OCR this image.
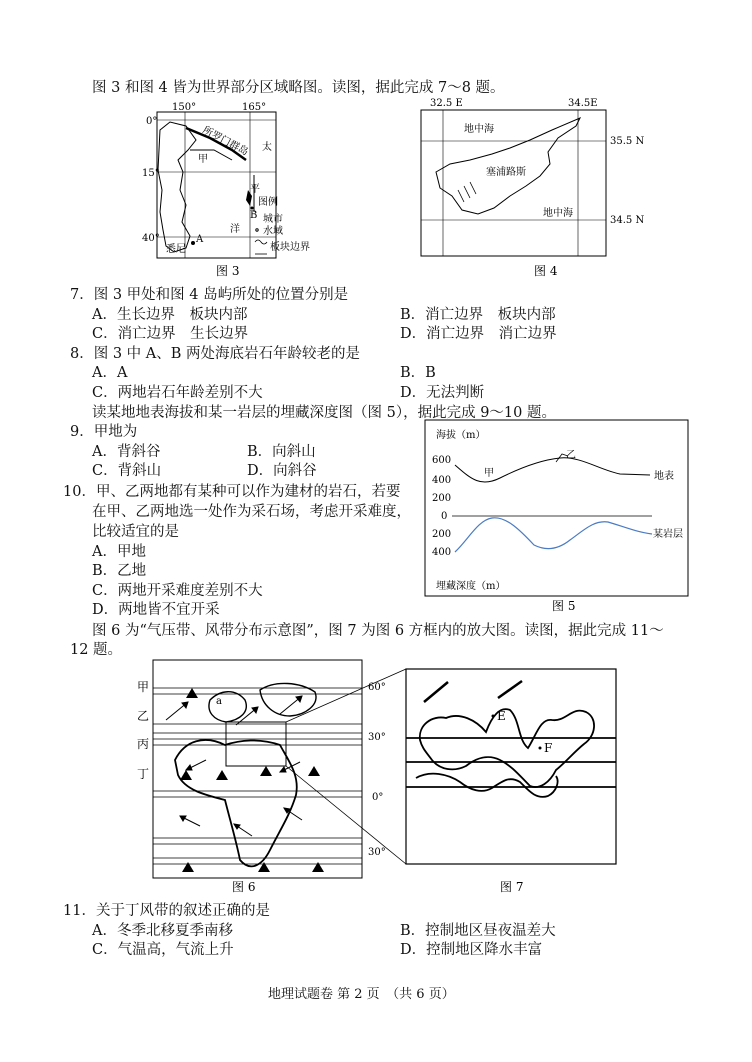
图 3 和图 4 皆为世界部分区域略图。读图，据此完成 7～8 题。
150°	165°
0°
15°
40°
所罗门群岛
甲
太
平
洋
B
A
悉尼
图例
城市
水域
板块边界
图 3
32.5 E	34.5E
35.5 N
34.5 N
地中海
地中海
塞浦路斯
图 4
7．图 3 甲处和图 4 岛屿所处的位置分别是
A．生长边界　板块内部	B．消亡边界　板块内部
C．消亡边界　生长边界	D．消亡边界　消亡边界
8．图 3 中 A、B 两处海底岩石年龄较老的是
A．A	B．B
C．两地岩石年龄差别不大	D．无法判断
读某地地表海拔和某一岩层的埋藏深度图（图 5），据此完成 9～10 题。
海拔（m）
埋藏深度（m）
600
400
200
0
200
400
甲
乙
地表
某岩层
图 5
9．甲地为
A．背斜谷	B．向斜山
C．背斜山	D．向斜谷
10．甲、乙两地都有某种可以作为建材的岩石，若要
在甲、乙两地选一处作为采石场，考虑开采难度，
比较适宜的是
A．甲地
B．乙地
C．两地开采难度差别不大
D．两地皆不宜开采
图 6 为“气压带、风带分布示意图”，图 7 为图 6 方框内的放大图。读图，据此完成 11～
12 题。
甲
乙
丙
丁
60°
30°
0°
30°
a
图 6
E
F
图 7
11．关于丁风带的叙述正确的是
A．冬季北移夏季南移	B．控制地区昼夜温差大
C．气温高，气流上升	D．控制地区降水丰富
地理试题卷 第 2 页　（共 6 页）
